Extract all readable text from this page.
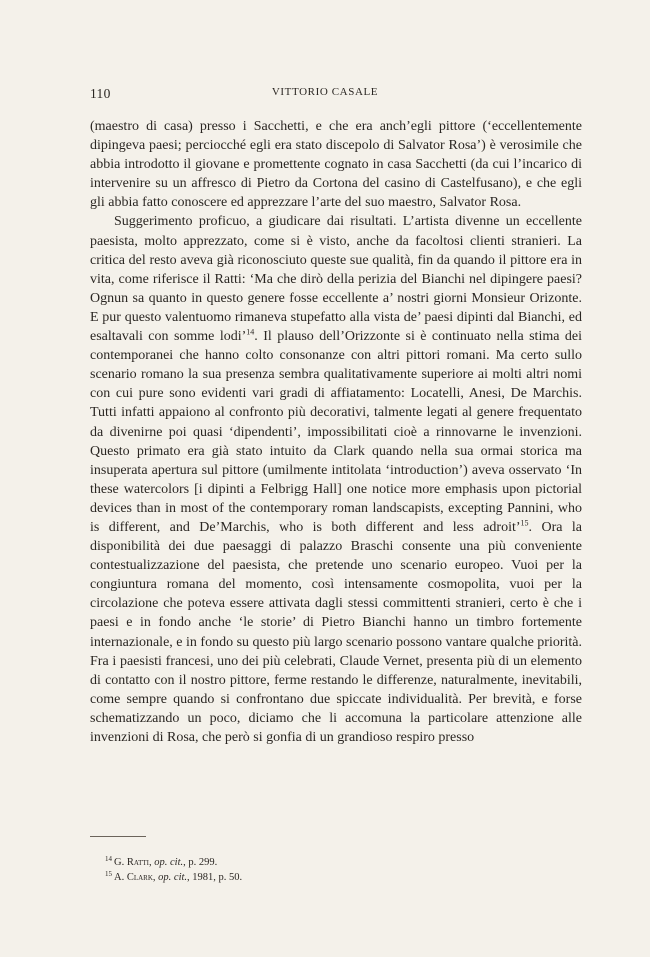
110	VITTORIO CASALE

(maestro di casa) presso i Sacchetti, e che era anch’egli pittore (‘eccellentemente dipingeva paesi; perciocché egli era stato discepolo di Salvator Rosa’) è verosimile che abbia introdotto il giovane e promettente cognato in casa Sacchetti (da cui l’incarico di intervenire su un affresco di Pietro da Cortona del casino di Castelfusano), e che egli gli abbia fatto conoscere ed apprezzare l’arte del suo maestro, Salvator Rosa.

Suggerimento proficuo, a giudicare dai risultati. L’artista divenne un eccellente paesista, molto apprezzato, come si è visto, anche da facoltosi clienti stranieri. La critica del resto aveva già riconosciuto queste sue qualità, fin da quando il pittore era in vita, come riferisce il Ratti: ‘Ma che dirò della perizia del Bianchi nel dipingere paesi? Ognun sa quanto in questo genere fosse eccellente a’ nostri giorni Monsieur Orizonte. E pur questo valentuomo rimaneva stupefatto alla vista de’ paesi dipinti dal Bianchi, ed esaltavali con somme lodi’$^{14}$. Il plauso dell’Orizzonte si è continuato nella stima dei contemporanei che hanno colto consonanze con altri pittori romani. Ma certo sullo scenario romano la sua presenza sembra qualitativamente superiore ai molti altri nomi con cui pure sono evidenti vari gradi di affiatamento: Locatelli, Anesi, De Marchis. Tutti infatti appaiono al confronto più decorativi, talmente legati al genere frequentato da divenirne poi quasi ‘dipendenti’, impossibilitati cioè a rinnovarne le invenzioni. Questo primato era già stato intuito da Clark quando nella sua ormai storica ma insuperata apertura sul pittore (umilmente intitolata ‘introduction’) aveva osservato ‘In these watercolors [i dipinti a Felbrigg Hall] one notice more emphasis upon pictorial devices than in most of the contemporary roman landscapists, excepting Pannini, who is different, and De’Marchis, who is both different and less adroit’$^{15}$. Ora la disponibilità dei due paesaggi di palazzo Braschi consente una più conveniente contestualizzazione del paesista, che pretende uno scenario europeo. Vuoi per la congiuntura romana del momento, così intensamente cosmopolita, vuoi per la circolazione che poteva essere attivata dagli stessi committenti stranieri, certo è che i paesi e in fondo anche ‘le storie’ di Pietro Bianchi hanno un timbro fortemente internazionale, e in fondo su questo più largo scenario possono vantare qualche priorità. Fra i paesisti francesi, uno dei più celebrati, Claude Vernet, presenta più di un elemento di contatto con il nostro pittore, ferme restando le differenze, naturalmente, inevitabili, come sempre quando si confrontano due spiccate individualità. Per brevità, e forse schematizzando un poco, diciamo che li accomuna la particolare attenzione alle invenzioni di Rosa, che però si gonfia di un grandioso respiro presso

$^{14}$ G. Ratti, op. cit., p. 299.
$^{15}$ A. Clark, op. cit., 1981, p. 50.
